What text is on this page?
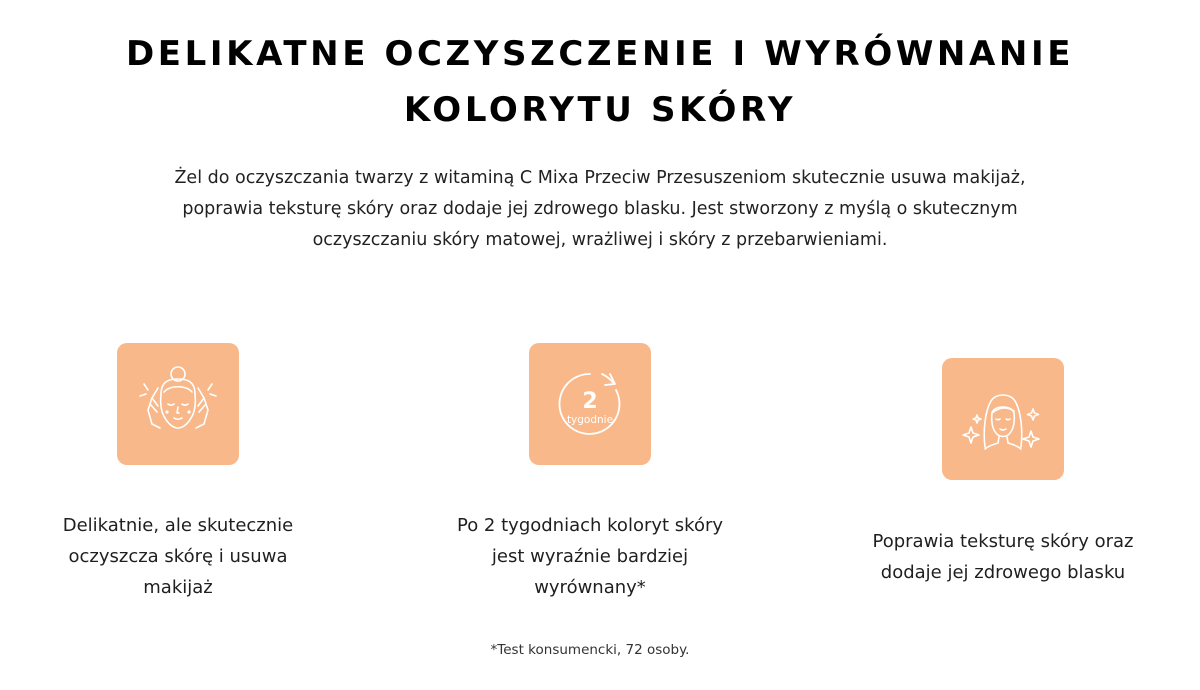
DELIKATNE OCZYSZCZENIE I WYRÓWNANIE
KOLORYTU SKÓRY

Żel do oczyszczania twarzy z witaminą C Mixa Przeciw Przesuszeniom skutecznie usuwa makijaż,
poprawia teksturę skóry oraz dodaje jej zdrowego blasku. Jest stworzony z myślą o skutecznym
oczyszczaniu skóry matowej, wrażliwej i skóry z przebarwieniami.

Delikatnie, ale skutecznie
oczyszcza skórę i usuwa
makijaż
2
tygodnie
Po 2 tygodniach koloryt skóry
jest wyraźnie bardziej
wyrównany*
Poprawia teksturę skóry oraz
dodaje jej zdrowego blasku
*Test konsumencki, 72 osoby.
